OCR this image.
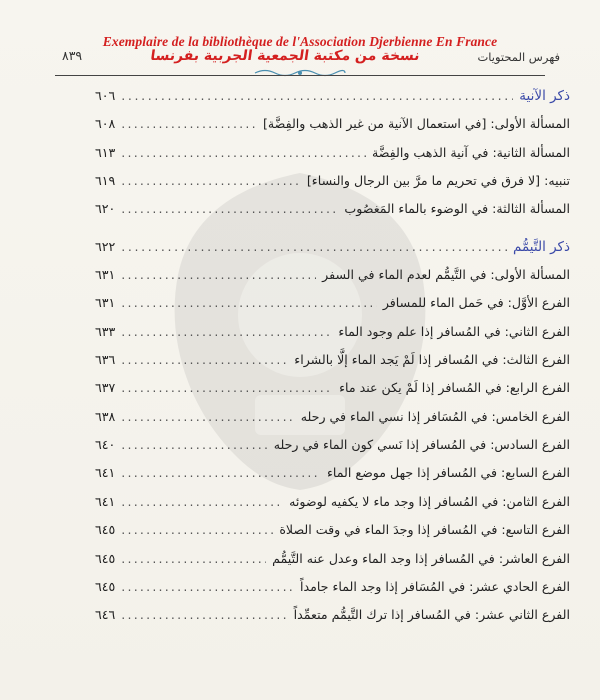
Exemplaire de la bibliothèque de l'Association Djerbienne En France
نسخة من مكتبة الجمعية الجربية بفرنسا	فهرس المحتويات
٨٣٩
ذكر الآنية
.....
٦٠٦
المسألة الأولى: [في استعمال الآنية من غير الذهب والفِضَّة]
.....
٦٠٨
المسألة الثانية: في آنية الذهب والفِضَّة
.....
٦١٣
تنبيه: [لا فرق في تحريم ما مرَّ بين الرجال والنساء]
.....
٦١٩
المسألة الثالثة: في الوضوء بالماء المَغصُوب
.....
٦٢٠
ذكر التَّيمُّم
.....
٦٢٢
المسألة الأولى: في التَّيمُّم لعدم الماء في السفر
.....
٦٣١
الفرع الأوَّل: في حَمل الماء للمسافر
.....
٦٣١
الفرع الثاني: في المُسافر إذا علم وجود الماء
.....
٦٣٣
الفرع الثالث: في المُسافر إذا لَمْ يَجد الماء إلَّا بالشراء
.....
٦٣٦
الفرع الرابع: في المُسافر إذا لَمْ يكن عند ماء
.....
٦٣٧
الفرع الخامس: في المُسَافر إذا نسي الماء في رحله
.....
٦٣٨
الفرع السادس: في المُسافر إذا نَسي كون الماء في رحله
.....
٦٤٠
الفرع السابع: في المُسافر إذا جهل موضع الماء
.....
٦٤١
الفرع الثامن: في المُسافر إذا وجد ماء لا يكفيه لوضوئه
.....
٦٤١
الفرع التاسع: في المُسافر إذا وجدَ الماء في وقت الصلاة
.....
٦٤٥
الفرع العاشر: في المُسافر إذا وجد الماء وعدل عنه التَّيمُّم
.....
٦٤٥
الفرع الحادي عشر: في المُسَافر إذا وجد الماء جامداً
.....
٦٤٥
الفرع الثاني عشر: في المُسافر إذا ترك التَّيمُّم متعمِّداً
.....
٦٤٦
